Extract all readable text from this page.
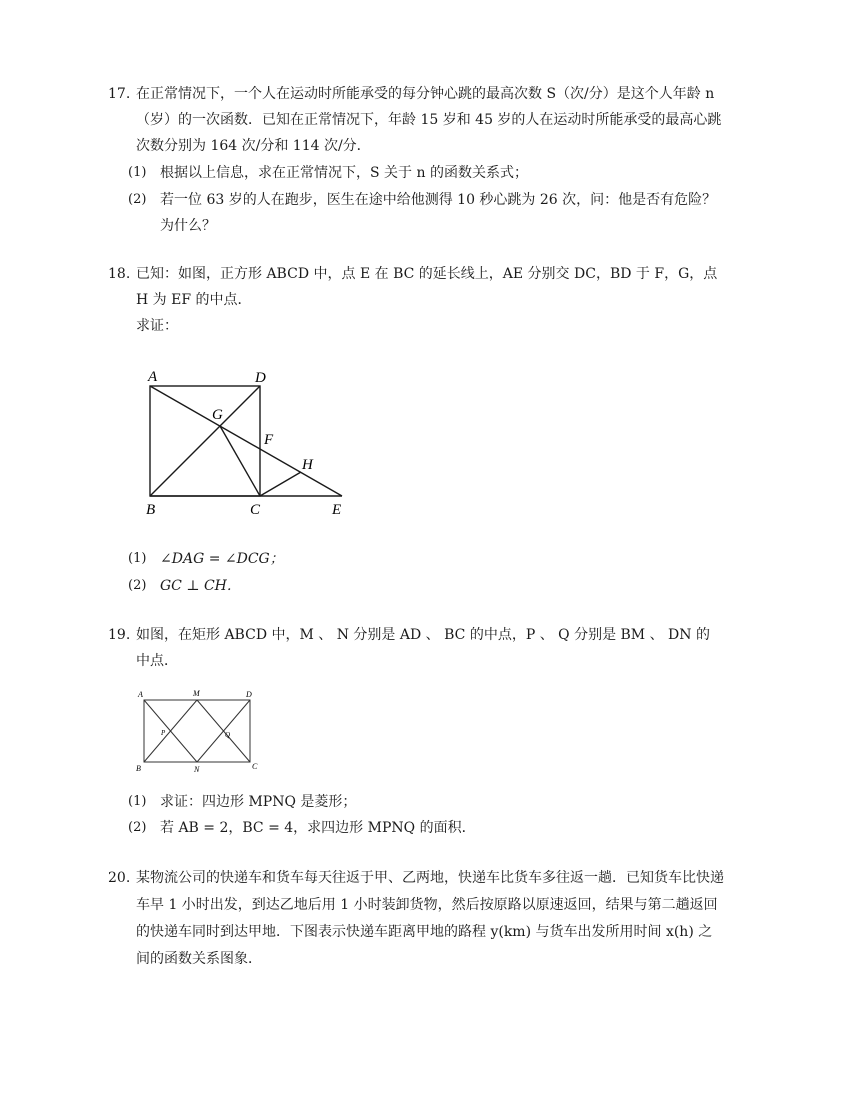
17. 在正常情况下，一个人在运动时所能承受的每分钟心跳的最高次数 S（次/分）是这个人年龄 n
（岁）的一次函数．已知在正常情况下，年龄 15 岁和 45 岁的人在运动时所能承受的最高心跳
次数分别为 164 次/分和 114 次/分．
(1) 根据以上信息，求在正常情况下，S 关于 n 的函数关系式；
(2) 若一位 63 岁的人在跑步，医生在途中给他测得 10 秒心跳为 26 次，问：他是否有危险？
为什么？
18. 已知：如图，正方形 ABCD 中，点 E 在 BC 的延长线上，AE 分别交 DC，BD 于 F，G，点
H 为 EF 的中点．
求证：
A	D
G
F
H
B	C	E
(1) ∠DAG = ∠DCG；
(2) GC ⊥ CH．
19. 如图，在矩形 ABCD 中，M 、 N 分别是 AD 、 BC 的中点，P 、 Q 分别是 BM 、 DN 的
中点．
A	M	D
P	Q
B	N	C
(1) 求证：四边形 MPNQ 是菱形；
(2) 若 AB = 2，BC = 4，求四边形 MPNQ 的面积．
20. 某物流公司的快递车和货车每天往返于甲、乙两地，快递车比货车多往返一趟．已知货车比快递
车早 1 小时出发，到达乙地后用 1 小时装卸货物，然后按原路以原速返回，结果与第二趟返回
的快递车同时到达甲地．下图表示快递车距离甲地的路程 y(km) 与货车出发所用时间 x(h) 之
间的函数关系图象．
